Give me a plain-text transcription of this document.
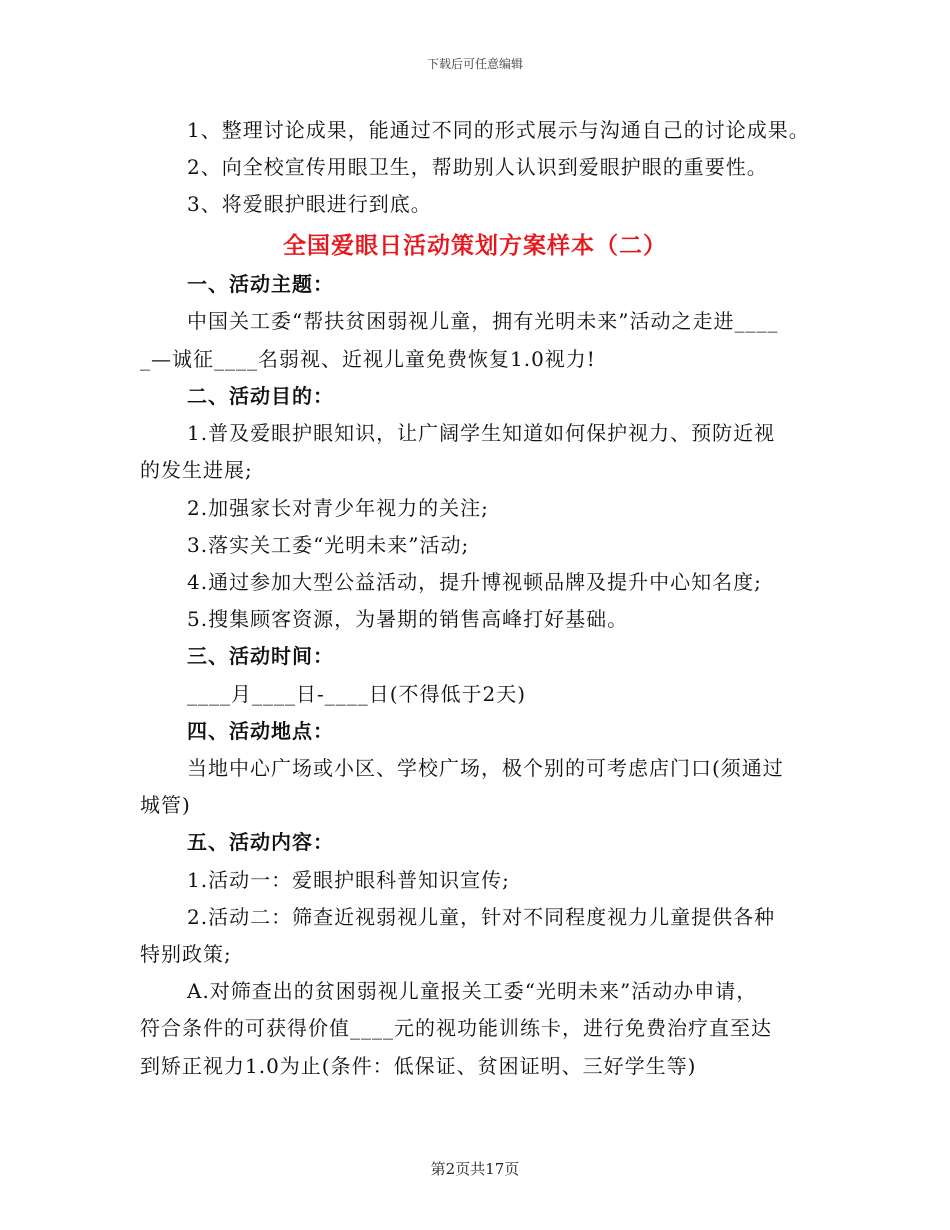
下载后可任意编辑
1、整理讨论成果，能通过不同的形式展示与沟通自己的讨论成果。
2、向全校宣传用眼卫生，帮助别人认识到爱眼护眼的重要性。
3、将爱眼护眼进行到底。
全国爱眼日活动策划方案样本（二）
一、活动主题：
中国关工委“帮扶贫困弱视儿童，拥有光明未来”活动之走进____
_—诚征____名弱视、近视儿童免费恢复1.0视力!
二、活动目的：
1.普及爱眼护眼知识，让广阔学生知道如何保护视力、预防近视
的发生进展;
2.加强家长对青少年视力的关注;
3.落实关工委“光明未来”活动;
4.通过参加大型公益活动，提升博视顿品牌及提升中心知名度;
5.搜集顾客资源，为暑期的销售高峰打好基础。
三、活动时间：
____月____日-____日(不得低于2天)
四、活动地点：
当地中心广场或小区、学校广场，极个别的可考虑店门口(须通过
城管)
五、活动内容：
1.活动一：爱眼护眼科普知识宣传;
2.活动二：筛查近视弱视儿童，针对不同程度视力儿童提供各种
特别政策;
A.对筛查出的贫困弱视儿童报关工委“光明未来”活动办申请，
符合条件的可获得价值____元的视功能训练卡，进行免费治疗直至达
到矫正视力1.0为止(条件：低保证、贫困证明、三好学生等)
第2页共17页
